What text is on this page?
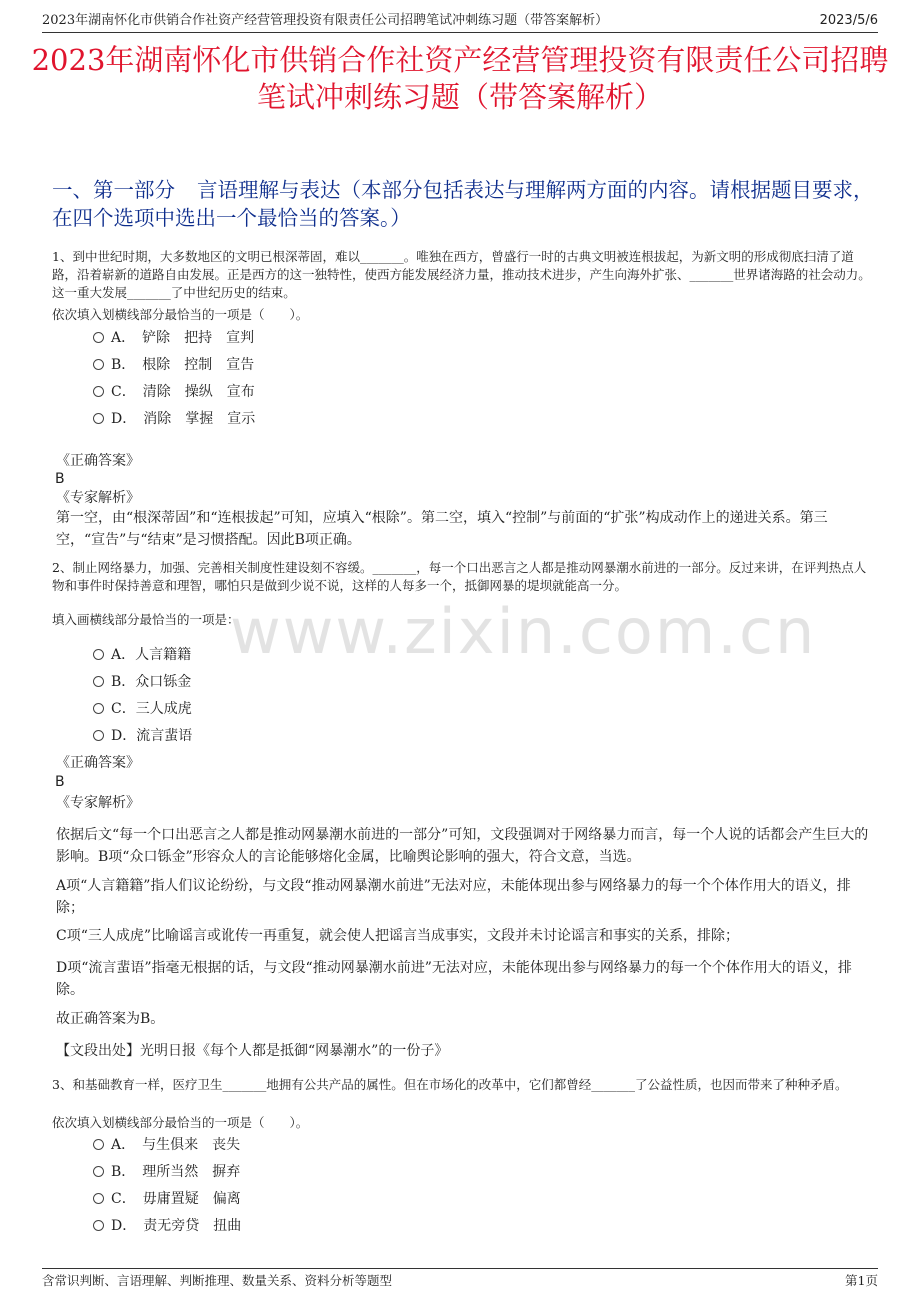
2023年湖南怀化市供销合作社资产经营管理投资有限责任公司招聘笔试冲刺练习题（带答案解析）	2023/5/6
2023年湖南怀化市供销合作社资产经营管理投资有限责任公司招聘笔试冲刺练习题（带答案解析）
一、第一部分 言语理解与表达（本部分包括表达与理解两方面的内容。请根据题目要求，在四个选项中选出一个最恰当的答案。）
www.zixin.com.cn
1、到中世纪时期，大多数地区的文明已根深蒂固，难以_______。唯独在西方，曾盛行一时的古典文明被连根拔起，为新文明的形成彻底扫清了道路，沿着崭新的道路自由发展。正是西方的这一独特性，使西方能发展经济力量，推动技术进步，产生向海外扩张、_______世界诸海路的社会动力。这一重大发展_______了中世纪历史的结束。
依次填入划横线部分最恰当的一项是（　　）。
A．　铲除　把持　宣判
B．　根除　控制　宣告
C．　清除　操纵　宣布
D．　消除　掌握　宣示
《正确答案》
B
《专家解析》
第一空，由“根深蒂固”和“连根拔起”可知，应填入“根除”。第二空，填入“控制”与前面的“扩张”构成动作上的递进关系。第三空，“宣告”与“结束”是习惯搭配。因此B项正确。
2、制止网络暴力，加强、完善相关制度性建设刻不容缓。_______，每一个口出恶言之人都是推动网暴潮水前进的一部分。反过来讲，在评判热点人物和事件时保持善意和理智，哪怕只是做到少说不说，这样的人每多一个，抵御网暴的堤坝就能高一分。
填入画横线部分最恰当的一项是：
A．人言籍籍
B．众口铄金
C．三人成虎
D．流言蜚语
《正确答案》
B
《专家解析》
依据后文“每一个口出恶言之人都是推动网暴潮水前进的一部分”可知，文段强调对于网络暴力而言，每一个人说的话都会产生巨大的影响。B项“众口铄金”形容众人的言论能够熔化金属，比喻舆论影响的强大，符合文意，当选。
A项“人言籍籍”指人们议论纷纷，与文段“推动网暴潮水前进”无法对应，未能体现出参与网络暴力的每一个个体作用大的语义，排除；
C项“三人成虎”比喻谣言或讹传一再重复，就会使人把谣言当成事实，文段并未讨论谣言和事实的关系，排除；
D项“流言蜚语”指毫无根据的话，与文段“推动网暴潮水前进”无法对应，未能体现出参与网络暴力的每一个个体作用大的语义，排除。
故正确答案为B。
【文段出处】光明日报《每个人都是抵御“网暴潮水”的一份子》
3、和基础教育一样，医疗卫生_______地拥有公共产品的属性。但在市场化的改革中，它们都曾经_______了公益性质，也因而带来了种种矛盾。
依次填入划横线部分最恰当的一项是（　　）。
A．　与生俱来　丧失
B．　理所当然　摒弃
C．　毋庸置疑　偏离
D．　责无旁贷　扭曲
含常识判断、言语理解、判断推理、数量关系、资料分析等题型	第1页
